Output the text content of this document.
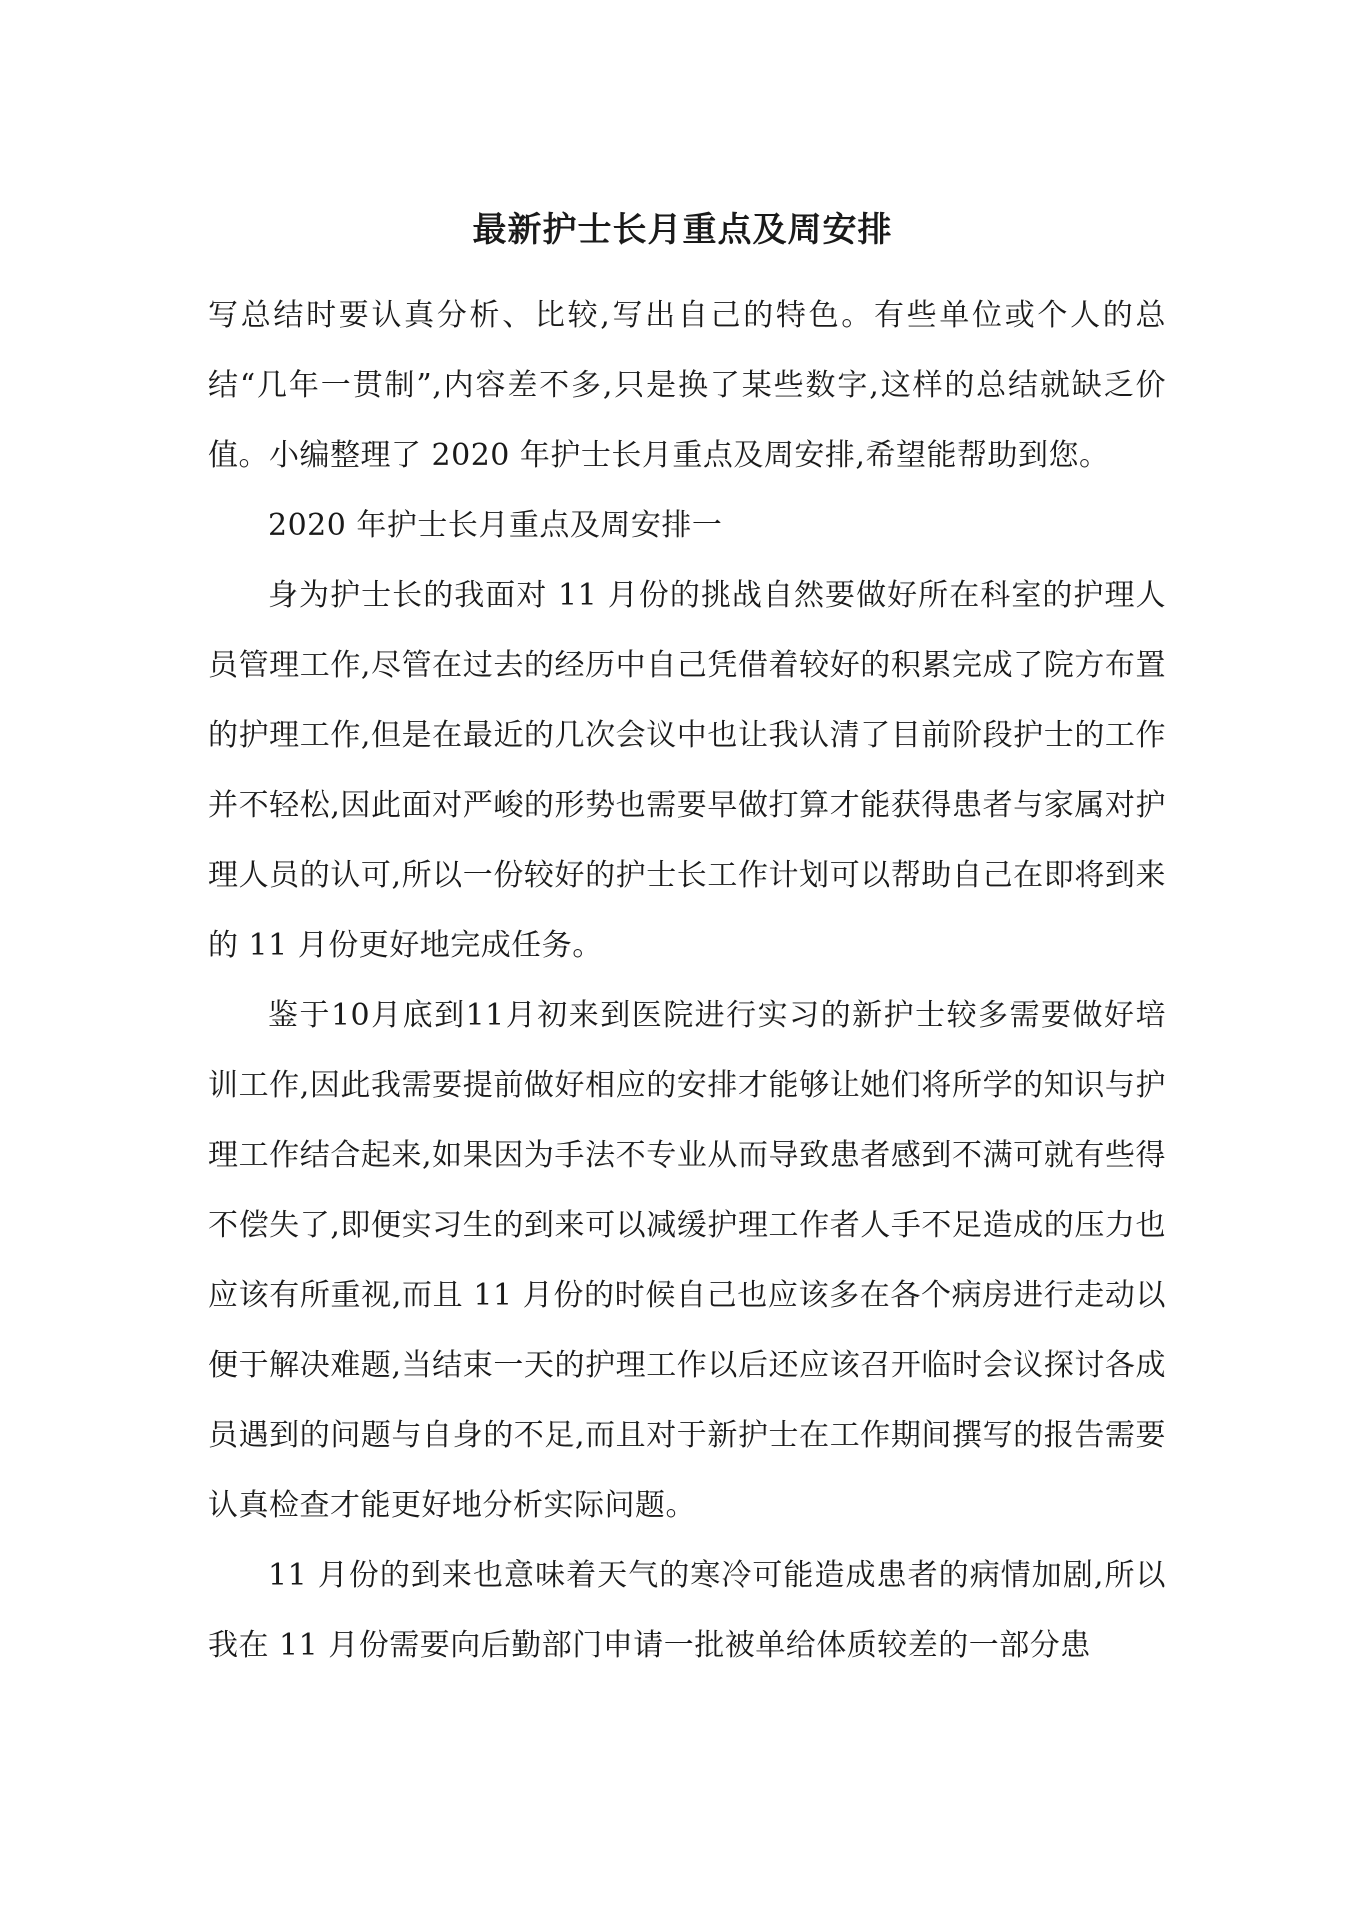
最新护士长月重点及周安排

写总结时要认真分析、比较,写出自己的特色。有些单位或个人的总结“几年一贯制”,内容差不多,只是换了某些数字,这样的总结就缺乏价值。小编整理了 2020 年护士长月重点及周安排,希望能帮助到您。

2020 年护士长月重点及周安排一

身为护士长的我面对 11 月份的挑战自然要做好所在科室的护理人员管理工作,尽管在过去的经历中自己凭借着较好的积累完成了院方布置的护理工作,但是在最近的几次会议中也让我认清了目前阶段护士的工作并不轻松,因此面对严峻的形势也需要早做打算才能获得患者与家属对护理人员的认可,所以一份较好的护士长工作计划可以帮助自己在即将到来的 11 月份更好地完成任务。

鉴于10月底到11月初来到医院进行实习的新护士较多需要做好培训工作,因此我需要提前做好相应的安排才能够让她们将所学的知识与护理工作结合起来,如果因为手法不专业从而导致患者感到不满可就有些得不偿失了,即便实习生的到来可以减缓护理工作者人手不足造成的压力也应该有所重视,而且 11 月份的时候自己也应该多在各个病房进行走动以便于解决难题,当结束一天的护理工作以后还应该召开临时会议探讨各成员遇到的问题与自身的不足,而且对于新护士在工作期间撰写的报告需要认真检查才能更好地分析实际问题。

11 月份的到来也意味着天气的寒冷可能造成患者的病情加剧,所以我在 11 月份需要向后勤部门申请一批被单给体质较差的一部分患
